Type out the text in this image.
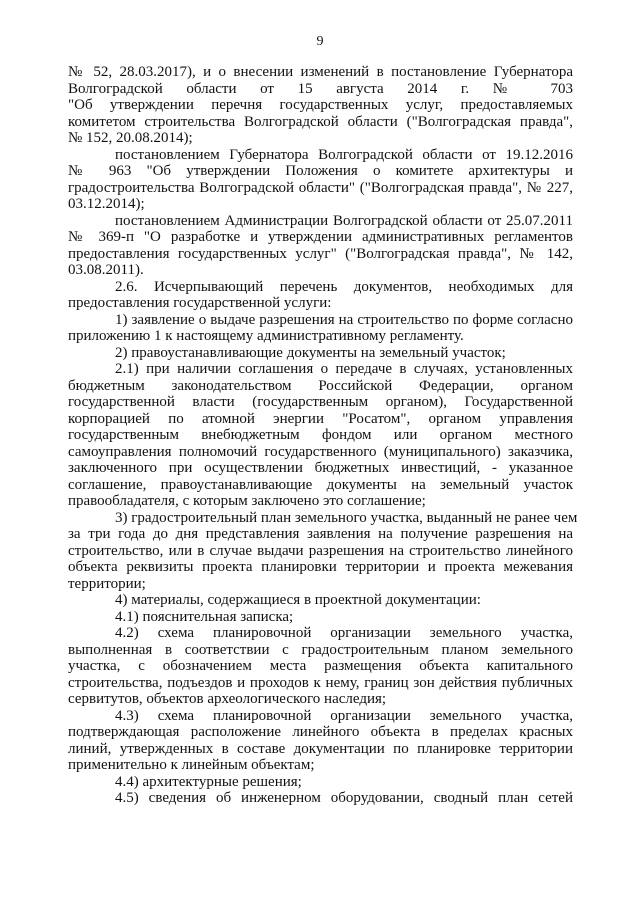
9
№ 52, 28.03.2017), и о внесении изменений в постановление Губернатора
Волгоградской области от 15 августа 2014 г. № 703
"Об утверждении перечня государственных услуг, предоставляемых
комитетом строительства Волгоградской области ("Волгоградская правда",
№ 152, 20.08.2014);
постановлением Губернатора Волгоградской области от 19.12.2016
№ 963 "Об утверждении Положения о комитете архитектуры и
градостроительства Волгоградской области" ("Волгоградская правда", № 227,
03.12.2014);
постановлением Администрации Волгоградской области от 25.07.2011
№ 369-п "О разработке и утверждении административных регламентов
предоставления государственных услуг" ("Волгоградская правда", № 142,
03.08.2011).
2.6. Исчерпывающий перечень документов, необходимых для
предоставления государственной услуги:
1) заявление о выдаче разрешения на строительство по форме согласно
приложению 1 к настоящему административному регламенту.
2) правоустанавливающие документы на земельный участок;
2.1) при наличии соглашения о передаче в случаях, установленных
бюджетным законодательством Российской Федерации, органом
государственной власти (государственным органом), Государственной
корпорацией по атомной энергии "Росатом", органом управления
государственным внебюджетным фондом или органом местного
самоуправления полномочий государственного (муниципального) заказчика,
заключенного при осуществлении бюджетных инвестиций, - указанное
соглашение, правоустанавливающие документы на земельный участок
правообладателя, с которым заключено это соглашение;
3) градостроительный план земельного участка, выданный не ранее чем
за три года до дня представления заявления на получение разрешения на
строительство, или в случае выдачи разрешения на строительство линейного
объекта реквизиты проекта планировки территории и проекта межевания
территории;
4) материалы, содержащиеся в проектной документации:
4.1) пояснительная записка;
4.2) схема планировочной организации земельного участка,
выполненная в соответствии с градостроительным планом земельного
участка, с обозначением места размещения объекта капитального
строительства, подъездов и проходов к нему, границ зон действия публичных
сервитутов, объектов археологического наследия;
4.3) схема планировочной организации земельного участка,
подтверждающая расположение линейного объекта в пределах красных
линий, утвержденных в составе документации по планировке территории
применительно к линейным объектам;
4.4) архитектурные решения;
4.5) сведения об инженерном оборудовании, сводный план сетей
